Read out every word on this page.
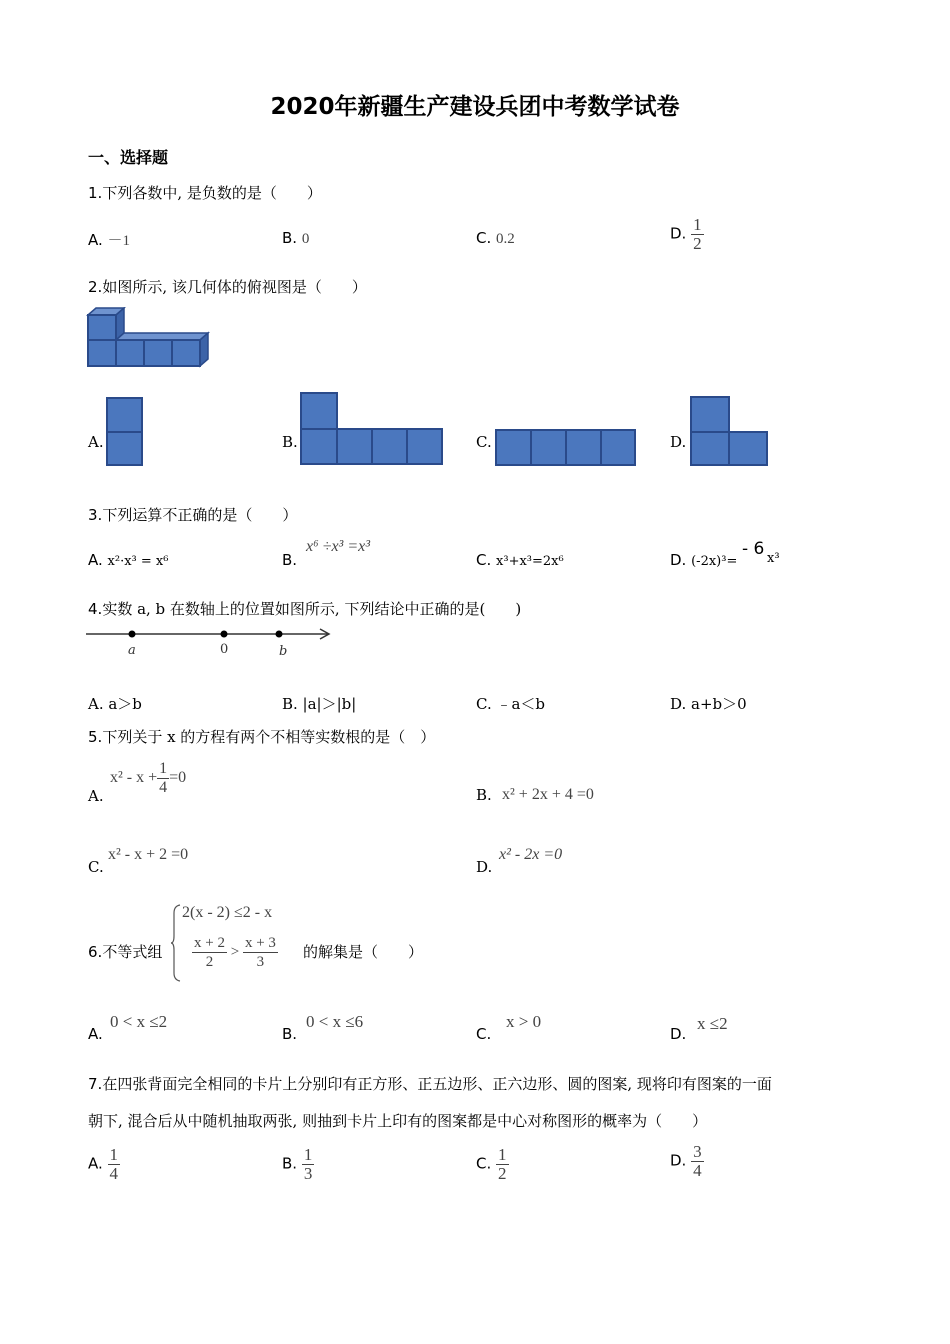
2020年新疆生产建设兵团中考数学试卷
一、选择题
1.下列各数中, 是负数的是（　　）
A. －1	B. 0	C. 0.2	D. $\frac{1}{2}$
2.如图所示, 该几何体的俯视图是（　　）
A.	B.	C.	D.
3.下列运算不正确的是（　　）
A. x²·x³ = x⁶	B.
x⁶ ÷x³ =x³
C. x³+x³=2x⁶	D. (-2x)³=
- 6 x³
4.实数 a, b 在数轴上的位置如图所示, 下列结论中正确的是(　　)
a	0	b
A. a＞b	B. |a|＞|b|	C. ﹣a＜b	D. a+b＞0
5.下列关于 x 的方程有两个不相等实数根的是（　）
A.
$x^2 - x + \frac{1}{4} =0$
B. x² + 2x + 4 =0
C.
x² - x + 2 =0
D.
x² - 2x =0
6.不等式组
2(x - 2) ≤2 - x
$\frac{x + 2}{2} > \frac{x + 3}{3}$ 的解集是（　　）
A.
0 < x ≤2
B.
0 < x ≤6
C.
x > 0
D.
x ≤2
7.在四张背面完全相同的卡片上分别印有正方形、正五边形、正六边形、圆的图案, 现将印有图案的一面
朝下, 混合后从中随机抽取两张, 则抽到卡片上印有的图案都是中心对称图形的概率为（　　）
A. $\frac{1}{4}$	B. $\frac{1}{3}$	C. $\frac{1}{2}$	D. $\frac{3}{4}$
